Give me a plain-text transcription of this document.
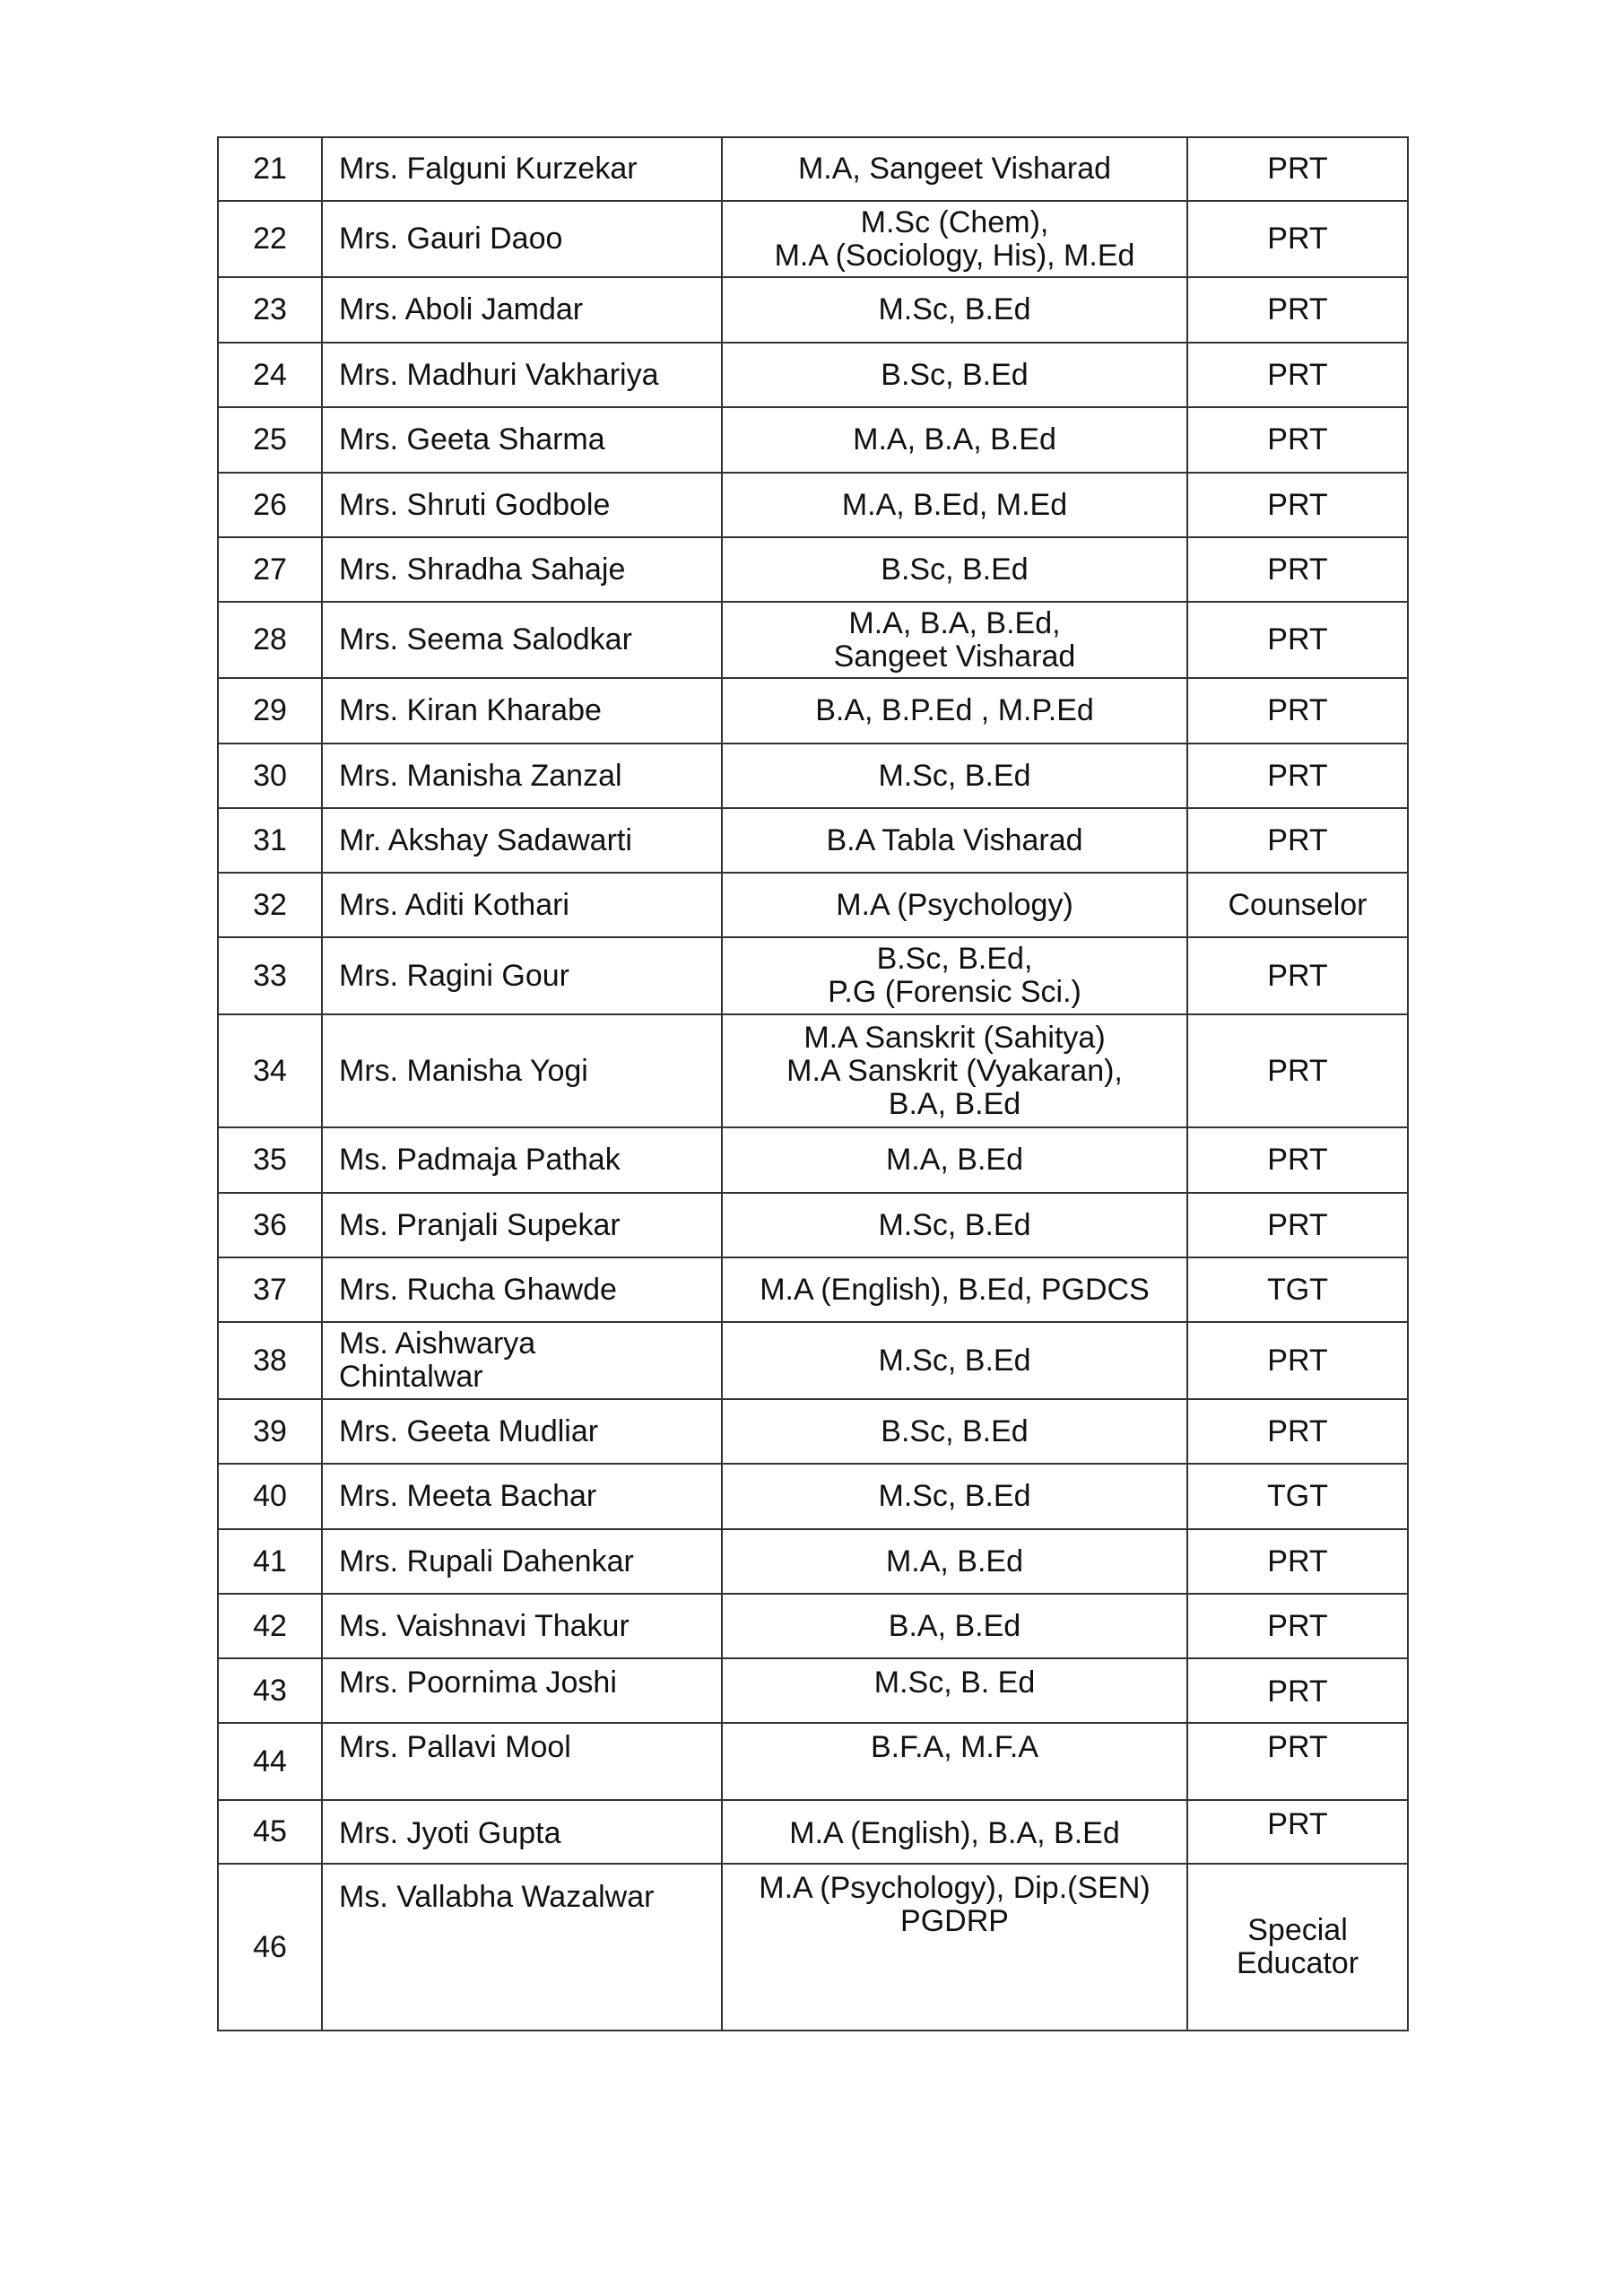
21	Mrs. Falguni Kurzekar	M.A, Sangeet Visharad	PRT

22	Mrs. Gauri Daoo	M.Sc (Chem),
M.A (Sociology, His), M.Ed	PRT

23	Mrs. Aboli Jamdar	M.Sc, B.Ed	PRT

24	Mrs. Madhuri Vakhariya	B.Sc, B.Ed	PRT

25	Mrs. Geeta Sharma	M.A, B.A, B.Ed	PRT

26	Mrs. Shruti Godbole	M.A, B.Ed, M.Ed	PRT

27	Mrs. Shradha Sahaje	B.Sc, B.Ed	PRT

28	Mrs. Seema Salodkar	M.A, B.A, B.Ed,
Sangeet Visharad	PRT

29	Mrs. Kiran Kharabe	B.A, B.P.Ed , M.P.Ed	PRT

30	Mrs. Manisha Zanzal	M.Sc, B.Ed	PRT

31	Mr. Akshay Sadawarti	B.A Tabla Visharad	PRT

32	Mrs. Aditi Kothari	M.A (Psychology)	Counselor

33	Mrs. Ragini Gour	B.Sc, B.Ed,
P.G (Forensic Sci.)	PRT

34	Mrs. Manisha Yogi	M.A Sanskrit (Sahitya)
M.A Sanskrit (Vyakaran),
B.A, B.Ed	PRT

35	Ms. Padmaja Pathak	M.A, B.Ed	PRT

36	Ms. Pranjali Supekar	M.Sc, B.Ed	PRT

37	Mrs. Rucha Ghawde	M.A (English), B.Ed, PGDCS	TGT

38	Ms. Aishwarya
Chintalwar	M.Sc, B.Ed	PRT

39	Mrs. Geeta Mudliar	B.Sc, B.Ed	PRT

40	Mrs. Meeta Bachar	M.Sc, B.Ed	TGT

41	Mrs. Rupali Dahenkar	M.A, B.Ed	PRT

42	Ms. Vaishnavi Thakur	B.A, B.Ed	PRT

43	Mrs. Poornima Joshi	M.Sc, B. Ed	PRT

44	Mrs. Pallavi Mool	B.F.A, M.F.A	PRT

45	Mrs. Jyoti Gupta	M.A (English), B.A, B.Ed	PRT

46	Ms. Vallabha Wazalwar	M.A (Psychology), Dip.(SEN)
PGDRP	Special
Educator
